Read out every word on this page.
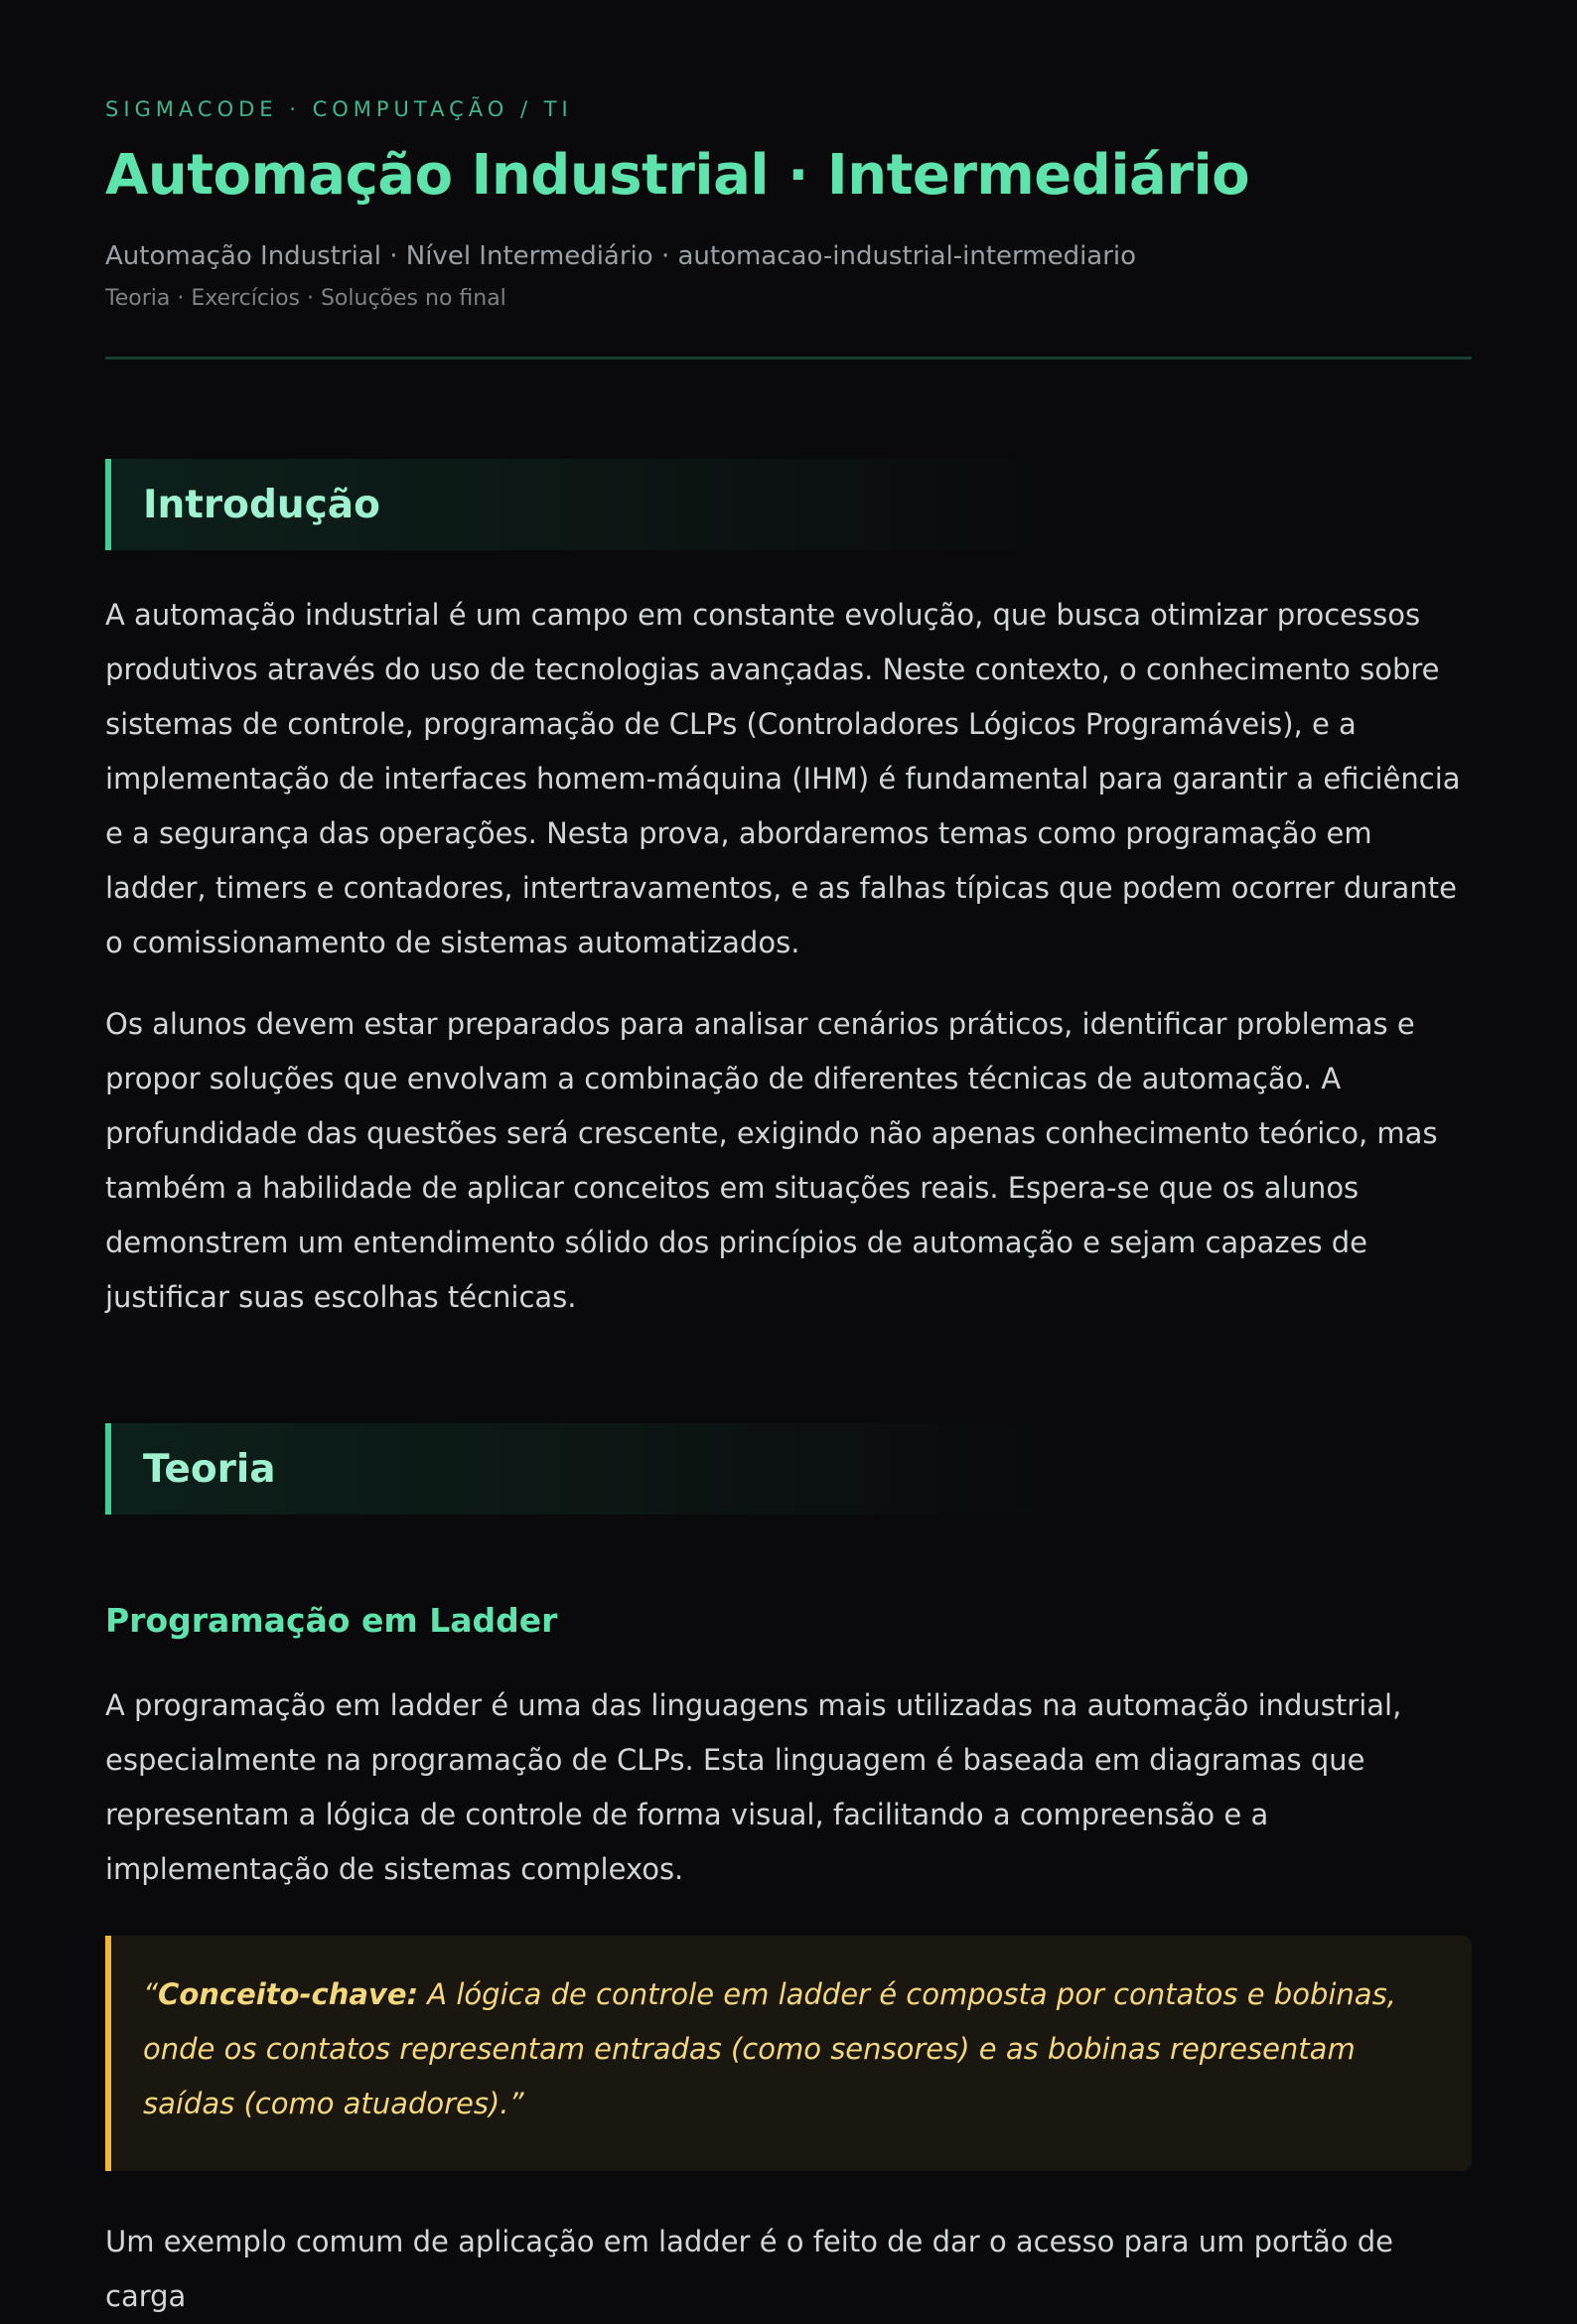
SIGMACODE · COMPUTAÇÃO / TI
Automação Industrial · Intermediário
Automação Industrial · Nível Intermediário · automacao-industrial-intermediario
Teoria · Exercícios · Soluções no final
Introdução

A automação industrial é um campo em constante evolução, que busca otimizar processos produtivos através do uso de tecnologias avançadas. Neste contexto, o conhecimento sobre sistemas de controle, programação de CLPs (Controladores Lógicos Programáveis), e a implementação de interfaces homem-máquina (IHM) é fundamental para garantir a eficiência e a segurança das operações. Nesta prova, abordaremos temas como programação em ladder, timers e contadores, intertravamentos, e as falhas típicas que podem ocorrer durante o comissionamento de sistemas automatizados.

Os alunos devem estar preparados para analisar cenários práticos, identificar problemas e propor soluções que envolvam a combinação de diferentes técnicas de automação. A profundidade das questões será crescente, exigindo não apenas conhecimento teórico, mas também a habilidade de aplicar conceitos em situações reais. Espera-se que os alunos demonstrem um entendimento sólido dos princípios de automação e sejam capazes de justificar suas escolhas técnicas.

Teoria
Programação em Ladder

A programação em ladder é uma das linguagens mais utilizadas na automação industrial, especialmente na programação de CLPs. Esta linguagem é baseada em diagramas que representam a lógica de controle de forma visual, facilitando a compreensão e a implementação de sistemas complexos.

“Conceito-chave: A lógica de controle em ladder é composta por contatos e bobinas, onde os contatos representam entradas (como sensores) e as bobinas representam saídas (como atuadores).”

Um exemplo comum de aplicação em ladder é o feito de dar o acesso para um portão de carga
